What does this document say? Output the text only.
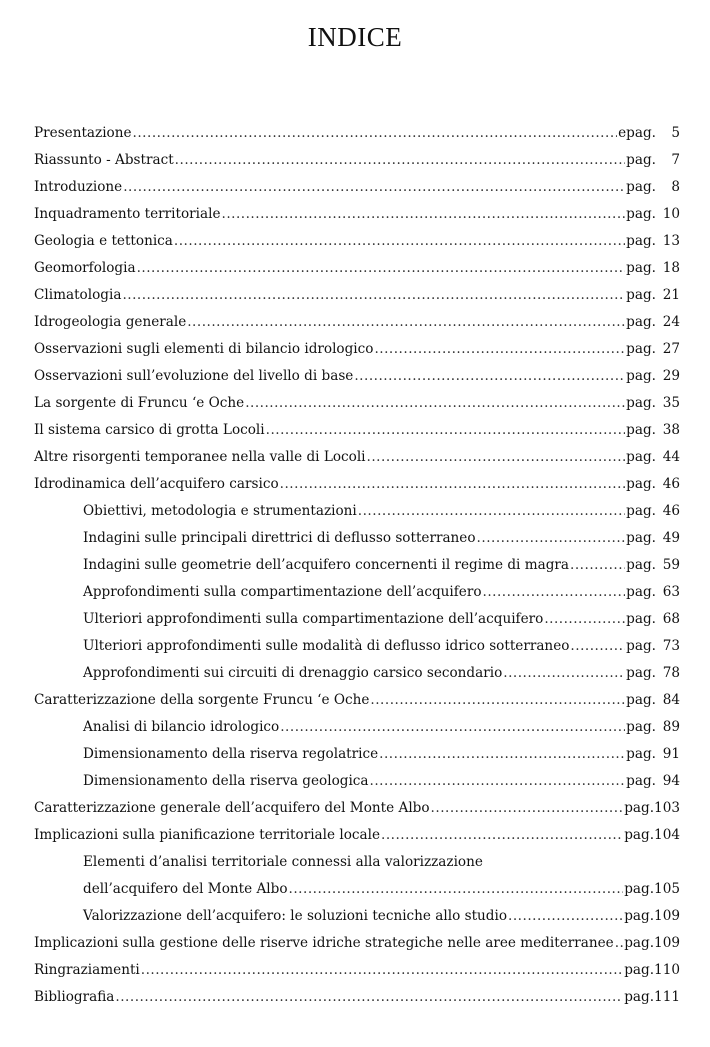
INDICE
Presentazione .....	epag. 5
Riassunto - Abstract .....	pag. 7
Introduzione .....	pag. 8
Inquadramento territoriale .....	pag. 10
Geologia e tettonica .....	pag. 13
Geomorfologia .....	pag. 18
Climatologia .....	pag. 21
Idrogeologia generale .....	pag. 24
Osservazioni sugli elementi di bilancio idrologico .....	pag. 27
Osservazioni sull’evoluzione del livello di base .....	pag. 29
La sorgente di Fruncu ‘e Oche .....	pag. 35
Il sistema carsico di grotta Locoli .....	pag. 38
Altre risorgenti temporanee nella valle di Locoli .....	pag. 44
Idrodinamica dell’acquifero carsico .....	pag. 46
Obiettivi, metodologia e strumentazioni .....	pag. 46
Indagini sulle principali direttrici di deflusso sotterraneo .....	pag. 49
Indagini sulle geometrie dell’acquifero concernenti il regime di magra .....	pag. 59
Approfondimenti sulla compartimentazione dell’acquifero .....	pag. 63
Ulteriori approfondimenti sulla compartimentazione dell’acquifero .....	pag. 68
Ulteriori approfondimenti sulle modalità di deflusso idrico sotterraneo .....	pag. 73
Approfondimenti sui circuiti di drenaggio carsico secondario .....	pag. 78
Caratterizzazione della sorgente Fruncu ‘e Oche .....	pag. 84
Analisi di bilancio idrologico .....	pag. 89
Dimensionamento della riserva regolatrice .....	pag. 91
Dimensionamento della riserva geologica .....	pag. 94
Caratterizzazione generale dell’acquifero del Monte Albo .....	pag.103
Implicazioni sulla pianificazione territoriale locale .....	pag.104
Elementi d’analisi territoriale connessi alla valorizzazione
dell’acquifero del Monte Albo .....	pag.105
Valorizzazione dell’acquifero: le soluzioni tecniche allo studio .....	pag.109
Implicazioni sulla gestione delle riserve idriche strategiche nelle aree mediterranee ..... pag.109
Ringraziamenti .....	pag.110
Bibliografia .....	pag.111
